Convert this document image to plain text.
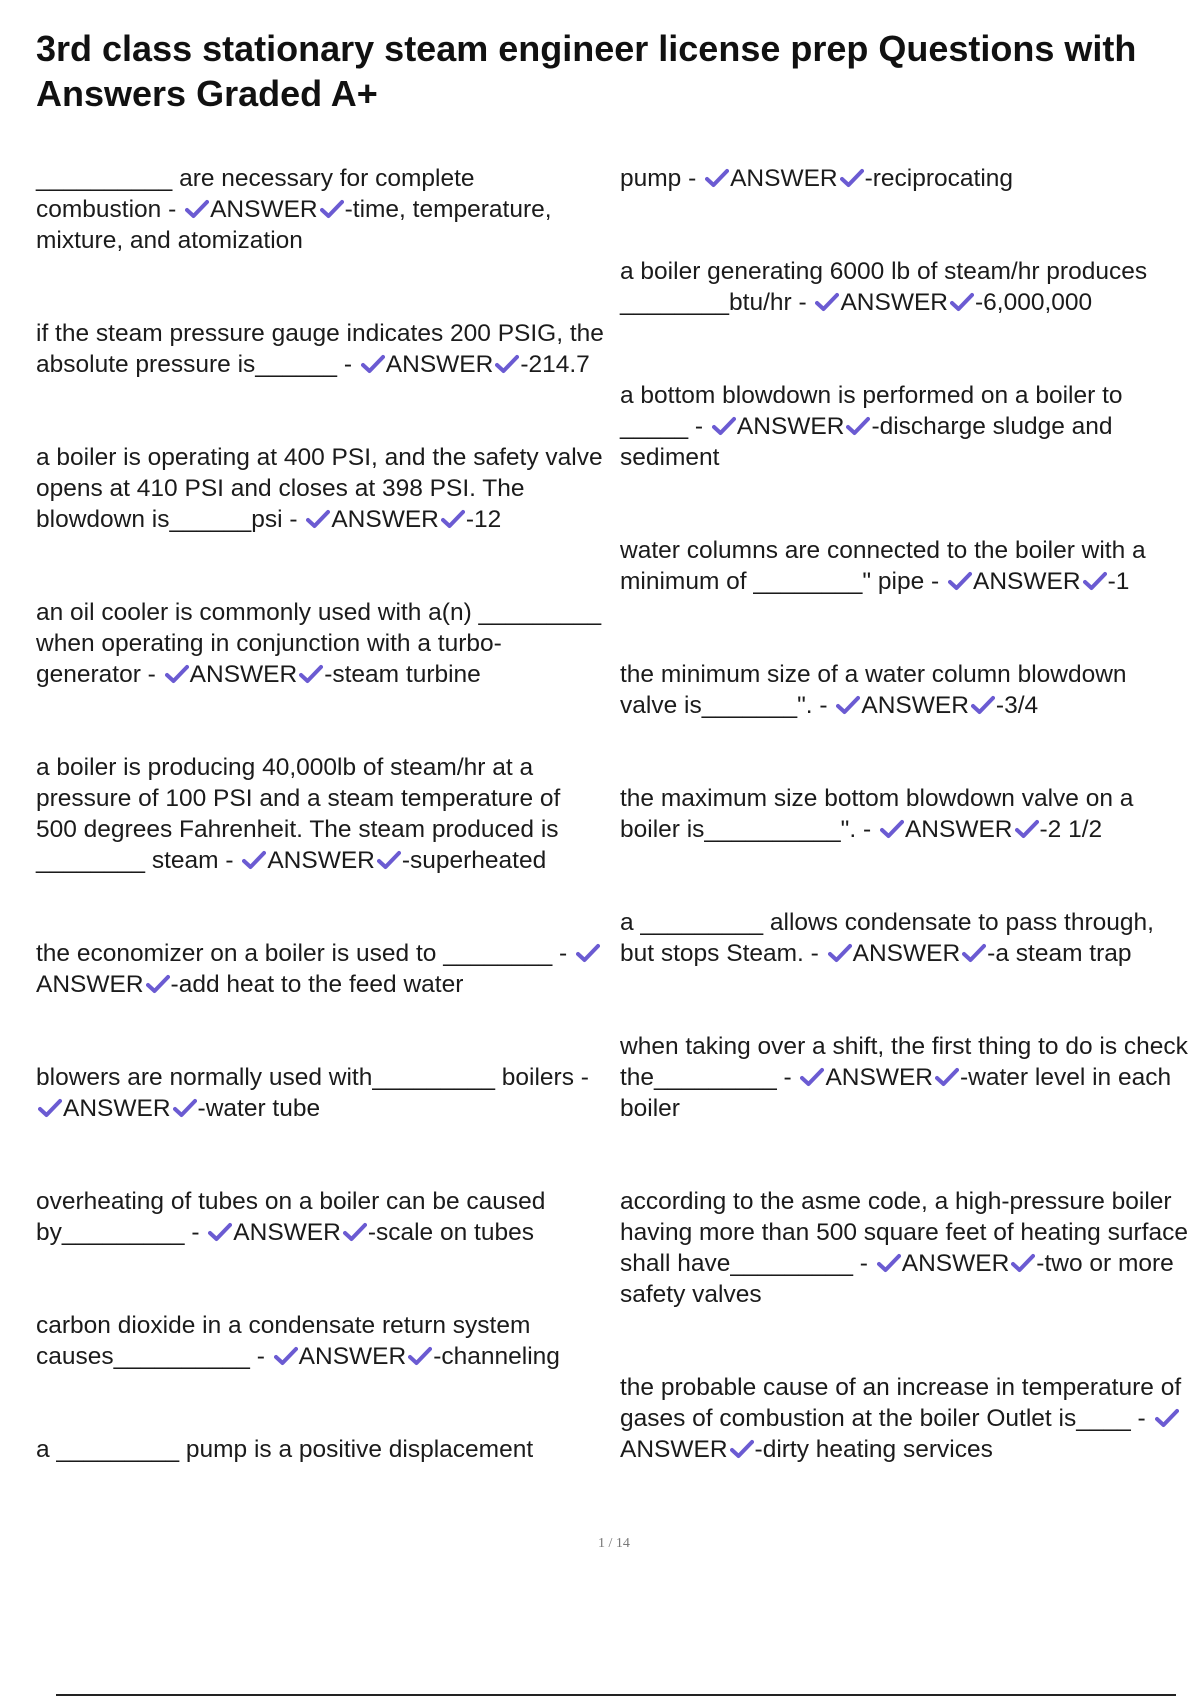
3rd class stationary steam engineer license prep Questions with Answers Graded A+

__________ are necessary for complete combustion -
ANSWER -time, temperature, mixture, and atomization

if the steam pressure gauge indicates 200 PSIG, the absolute pressure is______ -
ANSWER -214.7

a boiler is operating at 400 PSI, and the safety valve opens at 410 PSI and closes at 398 PSI. The blowdown is______psi -
ANSWER -12

an oil cooler is commonly used with a(n) _________ when operating in conjunction with a turbo-generator -
ANSWER -steam turbine

a boiler is producing 40,000lb of steam/hr at a pressure of 100 PSI and a steam temperature of 500 degrees Fahrenheit. The steam produced is ________ steam -
ANSWER -superheated

the economizer on a boiler is used to ________ -
ANSWER -add heat to the feed water

blowers are normally used with_________ boilers -
ANSWER -water tube

overheating of tubes on a boiler can be caused by_________ -
ANSWER -scale on tubes

carbon dioxide in a condensate return system causes__________ -
ANSWER -channeling

a _________ pump is a positive displacement

pump -
ANSWER -reciprocating

a boiler generating 6000 lb of steam/hr produces ________btu/hr -
ANSWER -6,000,000

a bottom blowdown is performed on a boiler to _____ -
ANSWER -discharge sludge and sediment

water columns are connected to the boiler with a minimum of ________" pipe -
ANSWER -1

the minimum size of a water column blowdown valve is_______". -
ANSWER -3/4

the maximum size bottom blowdown valve on a boiler is__________". -
ANSWER -2 1/2

a _________ allows condensate to pass through, but stops Steam. -
ANSWER -a steam trap

when taking over a shift, the first thing to do is check the_________ -
ANSWER -water level in each boiler

according to the asme code, a high-pressure boiler having more than 500 square feet of heating surface shall have_________ -
ANSWER -two or more safety valves

the probable cause of an increase in temperature of gases of combustion at the boiler Outlet is____ -
ANSWER -dirty heating services

1 / 14
